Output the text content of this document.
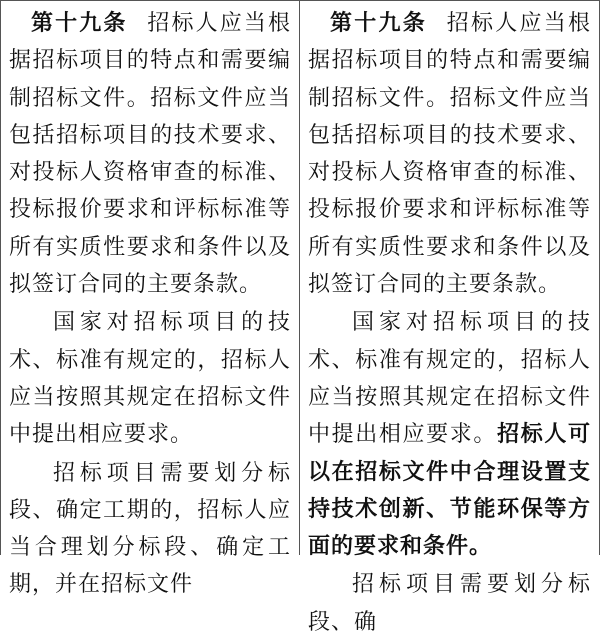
第十九条 招标人应当根据招标项目的特点和需要编制招标文件。招标文件应当包括招标项目的技术要求、对投标人资格审查的标准、投标报价要求和评标标准等所有实质性要求和条件以及拟签订合同的主要条款。

国家对招标项目的技术、标准有规定的，招标人应当按照其规定在招标文件中提出相应要求。

招标项目需要划分标段、确定工期的，招标人应当合理划分标段、确定工期，并在招标文件

第十九条 招标人应当根据招标项目的特点和需要编制招标文件。招标文件应当包括招标项目的技术要求、对投标人资格审查的标准、投标报价要求和评标标准等所有实质性要求和条件以及拟签订合同的主要条款。

国家对招标项目的技术、标准有规定的，招标人应当按照其规定在招标文件中提出相应要求。招标人可以在招标文件中合理设置支持技术创新、节能环保等方面的要求和条件。

招标项目需要划分标段、确
